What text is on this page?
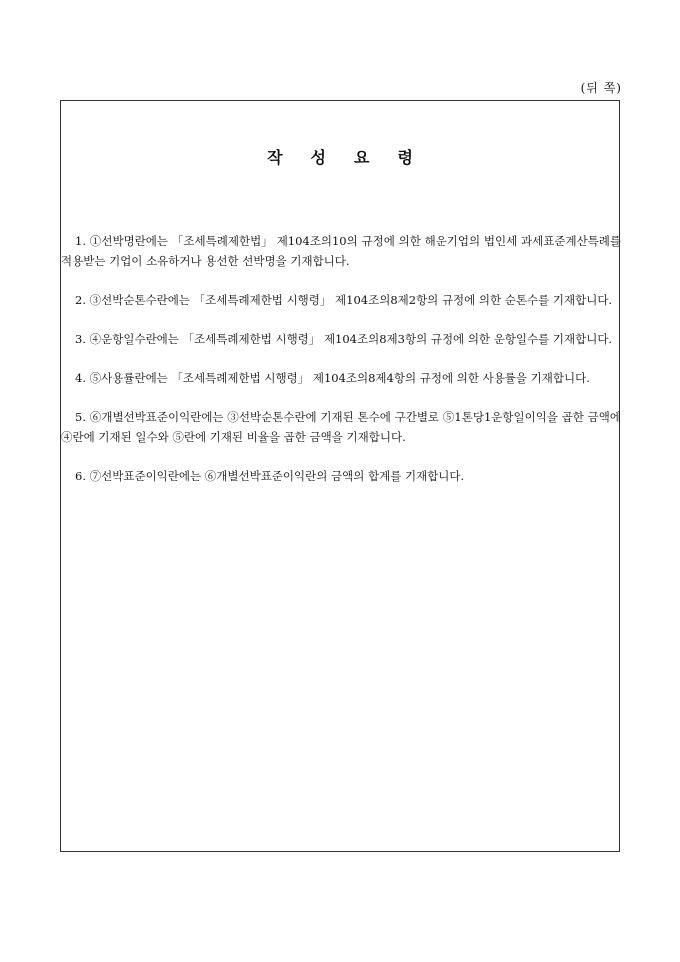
(뒤 쪽)
작성요령
1. ①선박명란에는 「조세특례제한법」 제104조의10의 규정에 의한 해운기업의 법인세 과세표준계산특례를 적용받는 기업이 소유하거나 용선한 선박명을 기재합니다.
2. ③선박순톤수란에는 「조세특례제한법 시행령」 제104조의8제2항의 규정에 의한 순톤수를 기재합니다.
3. ④운항일수란에는 「조세특례제한법 시행령」 제104조의8제3항의 규정에 의한 운항일수를 기재합니다.
4. ⑤사용률란에는 「조세특례제한법 시행령」 제104조의8제4항의 규정에 의한 사용률을 기재합니다.
5. ⑥개별선박표준이익란에는 ③선박순톤수란에 기재된 톤수에 구간별로 ⑤1톤당1운항일이익을 곱한 금액에 ④란에 기재된 일수와 ⑤란에 기재된 비율을 곱한 금액을 기재합니다.
6. ⑦선박표준이익란에는 ⑥개별선박표준이익란의 금액의 합계를 기재합니다.
